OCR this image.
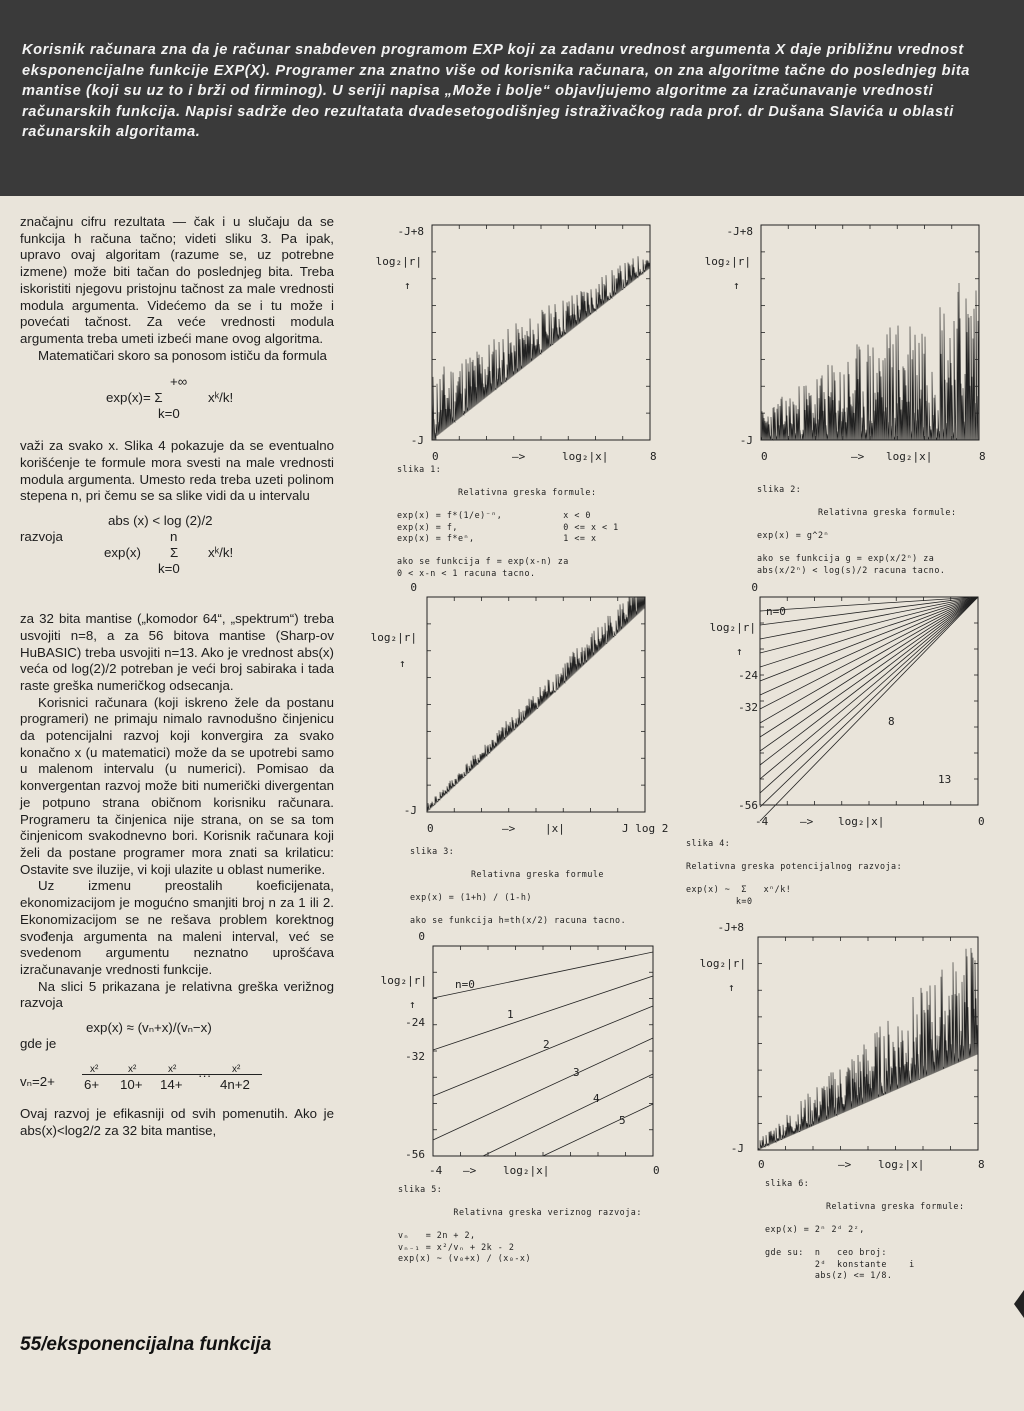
Korisnik računara zna da je računar snabdeven programom EXP koji za zadanu vrednost argumenta X daje približnu vrednost eksponencijalne funkcije EXP(X). Programer zna znatno više od korisnika računara, on zna algoritme tačne do poslednjeg bita mantise (koji su uz to i brži od firminog). U seriji napisa „Može i bolje“ objavljujemo algoritme za izračunavanje vrednosti računarskih funkcija. Napisi sadrže deo rezultatata dvadesetogodišnjeg istraživačkog rada prof. dr Dušana Slavića u oblasti računarskih algoritama.

značajnu cifru rezultata — čak i u slučaju da se funkcija h računa tačno; videti sliku 3. Pa ipak, upravo ovaj algoritam (razume se, uz potrebne izmene) može biti tačan do poslednjeg bita. Treba iskoristiti njegovu pristojnu tačnost za male vrednosti modula argumenta. Videćemo da se i tu može i povećati tačnost. Za veće vrednosti modula argumenta treba umeti izbeći mane ovog algoritma.

Matematičari skoro sa ponosom ističu da formula

+∞
exp(x)= Σ	xᵏ/k!
k=0

važi za svako x. Slika 4 pokazuje da se eventualno korišćenje te formule mora svesti na male vrednosti modula argumenta. Umesto reda treba uzeti polinom stepena n, pri čemu se sa slike vidi da u intervalu

abs (x) < log (2)/2
razvoja	n
exp(x) Σ xᵏ/k!
k=0

za 32 bita mantise („komodor 64“, „spektrum“) treba usvojiti n=8, a za 56 bitova mantise (Sharp-ov HuBASIC) treba usvojiti n=13. Ako je vrednost abs(x) veća od log(2)/2 potreban je veći broj sabiraka i tada raste greška numeričkog odsecanja.

Korisnici računara (koji iskreno žele da postanu programeri) ne primaju nimalo ravnodušno činjenicu da potencijalni razvoj koji konvergira za svako konačno x (u matematici) može da se upotrebi samo u malenom intervalu (u numerici). Pomisao da konvergentan razvoj može biti numerički divergentan je potpuno strana običnom korisniku računara. Programeru ta činjenica nije strana, on se sa tom činjenicom svakodnevno bori. Korisnik računara koji želi da postane programer mora znati sa krilaticu: Ostavite sve iluzije, vi koji ulazite u oblast numerike.

Uz izmenu preostalih koeficijenata, ekonomizacijom je mogućno smanjiti broj n za 1 ili 2. Ekonomizacijom se ne rešava problem korektnog svođenja argumenta na maleni interval, već se svedenom argumentu neznatno uprošćava izračunavanje vrednosti funkcije.

Na slici 5 prikazana je relativna greška verižnog razvoja

exp(x) ≈ (vₙ+x)/(vₙ−x)
gde je
vₙ=2+
x²	x²	x²	x²
6+ 10+ 14+
···
4n+2

Ovaj razvoj je efikasniji od svih pomenutih. Ako je abs(x)<log2/2 za 32 bita mantise,

55/eksponencijalna funkcija
-J+8
-J
log₂|r|
↑
0	8
—>	log₂|x|
slika 1:

Relativna greska formule:

exp(x) = f*(1/e)⁻ⁿ,           x < 0
exp(x) = f,                   0 <= x < 1
exp(x) = f*eⁿ,                1 <= x

ako se funkcija f = exp(x-n) za
0 < x-n < 1 racuna tacno.
-J+8
-J
log₂|r|
↑
0	8
—> log₂|x|
slika 2:

Relativna greska formule:

exp(x) = g^2ⁿ

ako se funkcija g = exp(x/2ⁿ) za
abs(x/2ⁿ) < log(s)/2 racuna tacno.
0
-J
log₂|r|
↑
0	J log 2
—>	|x|
slika 3:

Relativna greska formule

exp(x) = (1+h) / (1-h)

ako se funkcija h=th(x/2) racuna tacno.
n=0
8
13
0
-24
-32
-56
log₂|r|
↑
-4	0
—> log₂|x|
slika 4:

Relativna greska potencijalnog razvoja:

exp(x) ~  Σ   xⁿ/k!
k=0
n=0
1
2
3
4
5
0
-24
-32
-56
log₂|r|
↑
-4	0
—> log₂|x|
slika 5:

Relativna greska veriznog razvoja:

vₙ   = 2n + 2,
vₙ₋₁ = x²/vₙ + 2k - 2
exp(x) ~ (v₀+x) / (x₀-x)
-J+8
-J
log₂|r|
↑
0	8
—> log₂|x|
slika 6:

Relativna greska formule:

exp(x) = 2ⁿ 2ᵈ 2ᶻ,

gde su:  n   ceo broj:
2ᵈ  konstante    i
abs(z) <= 1/8.
